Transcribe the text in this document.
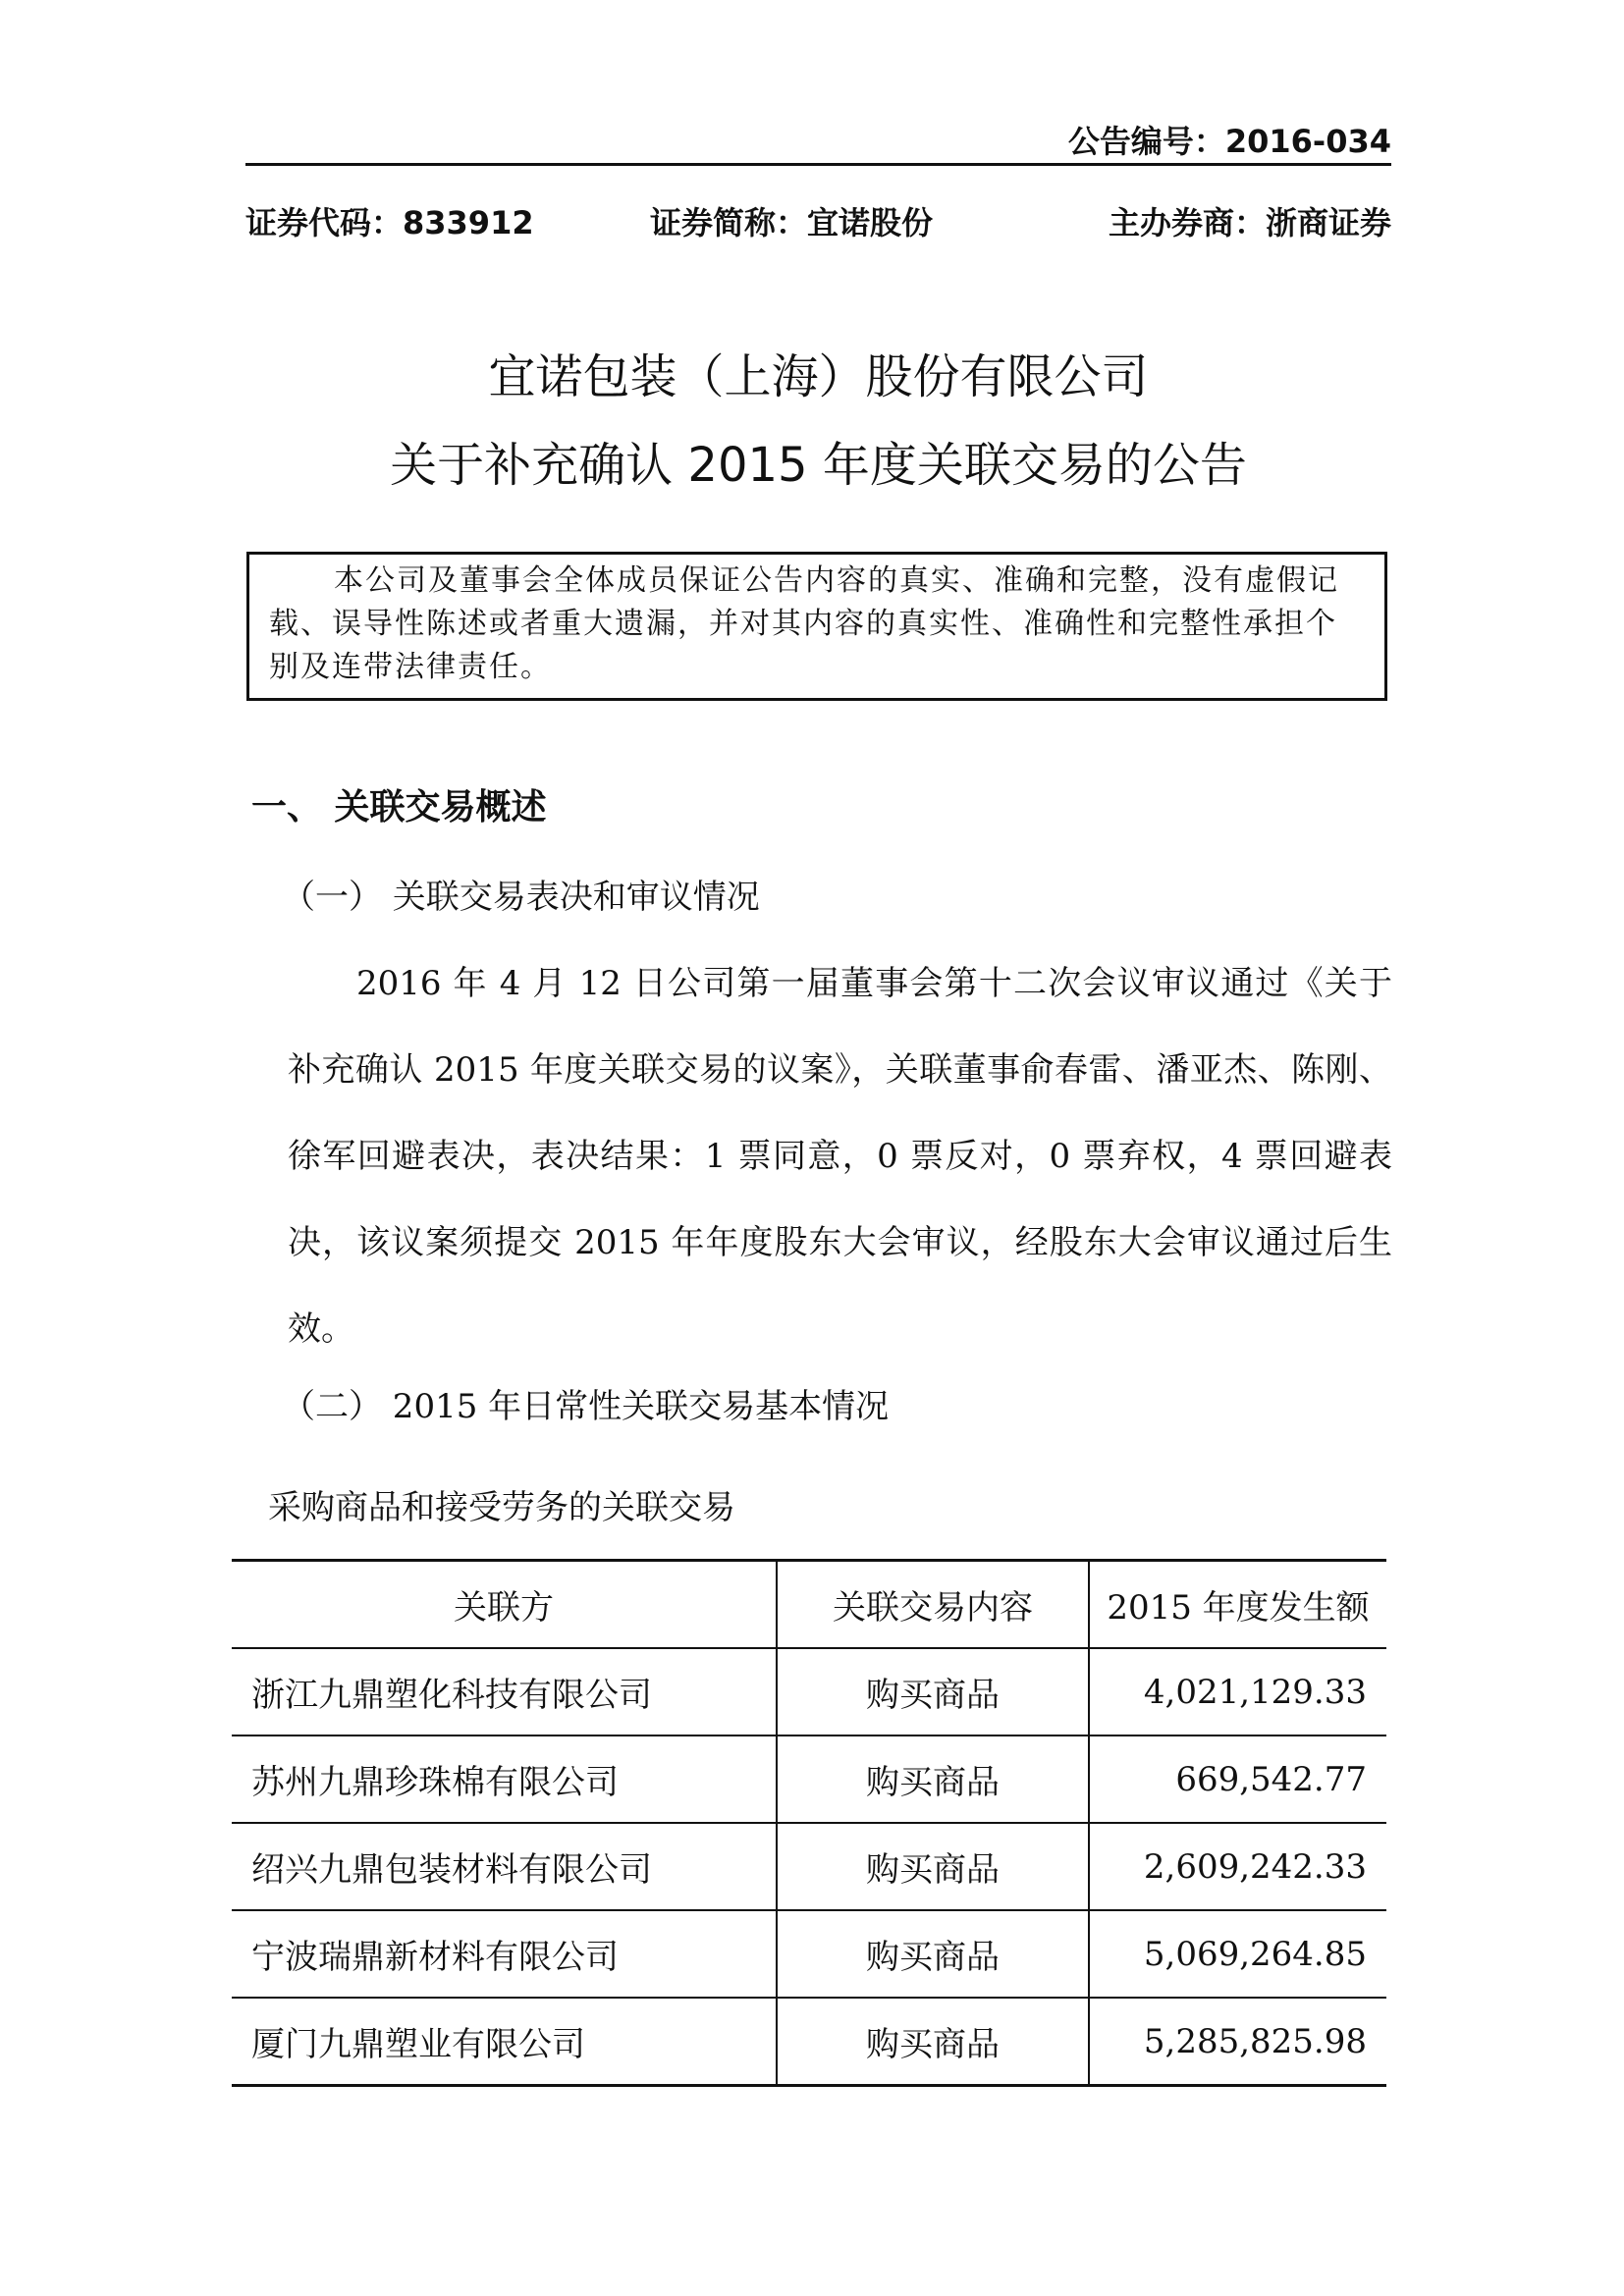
公告编号：2016-034
证券代码：833912	证券简称：宜诺股份	主办券商：浙商证券
宜诺包装（上海）股份有限公司
关于补充确认 2015 年度关联交易的公告
本公司及董事会全体成员保证公告内容的真实、准确和完整，没有虚假记载、误导性陈述或者重大遗漏，并对其内容的真实性、准确性和完整性承担个别及连带法律责任。
一、 关联交易概述
（一） 关联交易表决和审议情况
2016 年 4 月 12 日公司第一届董事会第十二次会议审议通过《关于补充确认 2015 年度关联交易的议案》，关联董事俞春雷、潘亚杰、陈刚、徐军回避表决，表决结果：1 票同意，0 票反对，0 票弃权，4 票回避表决，该议案须提交 2015 年年度股东大会审议，经股东大会审议通过后生效。
（二） 2015 年日常性关联交易基本情况
采购商品和接受劳务的关联交易
关联方	关联交易内容	2015 年度发生额
浙江九鼎塑化科技有限公司	购买商品	4,021,129.33
苏州九鼎珍珠棉有限公司	购买商品	669,542.77
绍兴九鼎包装材料有限公司	购买商品	2,609,242.33
宁波瑞鼎新材料有限公司	购买商品	5,069,264.85
厦门九鼎塑业有限公司	购买商品	5,285,825.98
